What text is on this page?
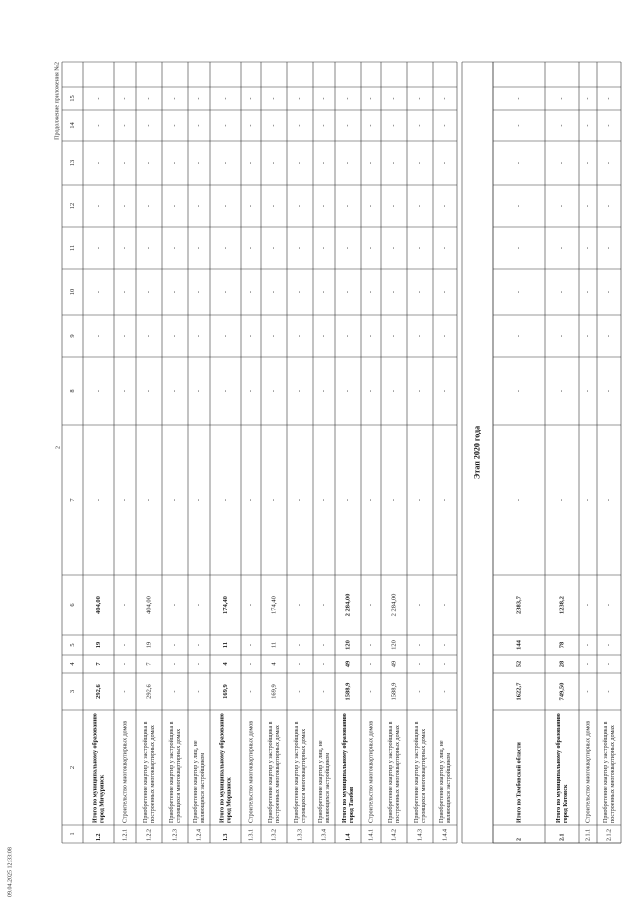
1
2
3
4
5
6
7
8
9
10
11
12
13
14
15
1.2
Итого по муниципальному образованию город Мичуринск
292,6
7
19
404,00
-
-
-
-
-
-
-
-
-
1.2.1
Строительство многоквартирных домов
-
-
-
-
-
-
-
-
-
-
-
-
-
1.2.2
Приобретение квартир у застройщика в построенных многоквартирных домах
292,6
7
19
404,00
-
-
-
-
-
-
-
-
-
1.2.3
Приобретение квартир у застройщика в строящихся многоквартирных домах
-
-
-
-
-
-
-
-
-
-
-
-
-
1.2.4
Приобретение квартир у лиц, не являющихся застройщиком
-
-
-
-
-
-
-
-
-
-
-
-
-
1.3
Итого по муниципальному образованию город Моршанск
169,9
4
11
174,40
-
-
-
-
-
-
-
-
-
1.3.1
Строительство многоквартирных домов
-
-
-
-
-
-
-
-
-
-
-
-
-
1.3.2
Приобретение квартир у застройщика в построенных многоквартирных домах
169,9
4
11
174,40
-
-
-
-
-
-
-
-
-
1.3.3
Приобретение квартир у застройщика в строящихся многоквартирных домах
-
-
-
-
-
-
-
-
-
-
-
-
-
1.3.4
Приобретение квартир у лиц, не являющихся застройщиком
-
-
-
-
-
-
-
-
-
-
-
-
-
1.4
Итого по муниципальному образованию город Тамбов
1588,9
49
120
2 284,00
-
-
-
-
-
-
-
-
-
1.4.1
Строительство многоквартирных домов
-
-
-
-
-
-
-
-
-
-
-
-
-
1.4.2
Приобретение квартир у застройщика в построенных многоквартирных домах
1588,9
49
120
2 284,00
-
-
-
-
-
-
-
-
-
1.4.3
Приобретение квартир у застройщика в строящихся многоквартирных домах
-
-
-
-
-
-
-
-
-
-
-
-
-
1.4.4
Приобретение квартир у лиц, не являющихся застройщиком
-
-
-
-
-
-
-
-
-
-
-
-
-
2
Итого по Тамбовской области
1622,7
52
144
2383,7
-
-
-
-
-
-
-
-
-
2.1
Итого по муниципальному образованию город Котовск
749,50
28
78
1238,2
-
-
-
-
-
-
-
-
-
2.1.1
Строительство многоквартирных домов
-
-
-
-
-
-
-
-
-
-
-
-
-
2.1.2
Приобретение квартир у застройщика в построенных многоквартирных домах
-
-
-
-
-
-
-
-
-
-
-
-
-
Этап 2020 года
Продолжение приложения №2
2
09.04.2025 12:33:08
